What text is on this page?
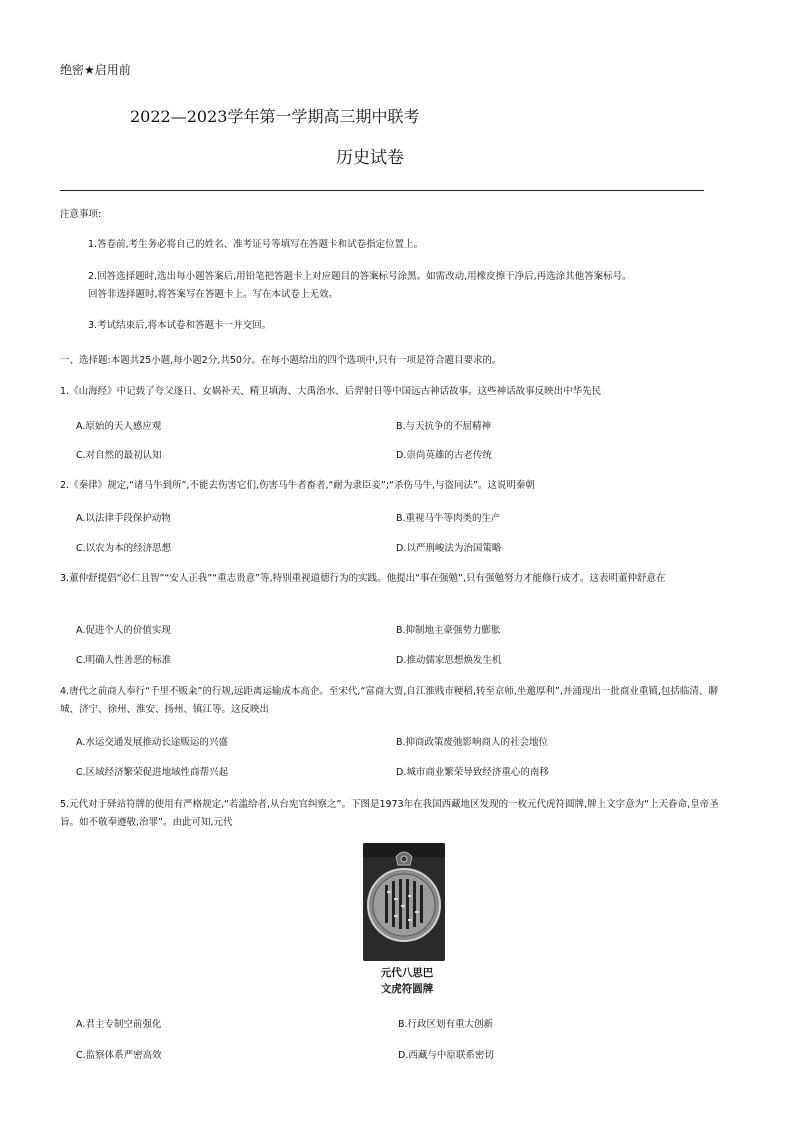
绝密★启用前
2022—2023学年第一学期高三期中联考
历史试卷
注意事项:
1.答卷前,考生务必将自己的姓名、准考证号等填写在答题卡和试卷指定位置上。
2.回答选择题时,选出每小题答案后,用铅笔把答题卡上对应题目的答案标号涂黑。如需改动,用橡皮擦干净后,再选涂其他答案标号。
回答非选择题时,将答案写在答题卡上。写在本试卷上无效。
3.考试结束后,将本试卷和答题卡一并交回。
一、选择题:本题共25小题,每小题2分,共50分。在每小题给出的四个选项中,只有一项是符合题目要求的。
1.《山海经》中记载了夸父逐日、女娲补天、精卫填海、大禹治水、后羿射日等中国远古神话故事。这些神话故事反映出中华先民
A.原始的天人感应观	B.与天抗争的不屈精神
C.对自然的最初认知	D.崇尚英雄的古老传统
2.《秦律》规定,“诸马牛到所”,不能去伤害它们,伤害马牛者畜者,“耐为隶臣妾”;“杀伤马牛,与盗同法”。这说明秦朝
A.以法律手段保护动物	B.重视马牛等肉类的生产
C.以农为本的经济思想	D.以严刑峻法为治国策略
3.董仲舒提倡“必仁且智”“安人正我”“重志贵意”等,特别重视道德行为的实践。他提出“事在强勉”,只有强勉努力才能修行成才。这表明董仲舒意在
A.促进个人的价值实现	B.抑制地主豪强势力膨胀
C.明确人性善恶的标准	D.推动儒家思想焕发生机
4.唐代之前商人奉行“千里不贩籴”的行规,远距离运输成本高企。至宋代,“富商大贾,自江淮贱市粳稻,转至京师,坐邀厚利”,并涌现出一批商业重镇,包括临清、聊城、济宁、徐州、淮安、扬州、镇江等。这反映出
A.水运交通发展推动长途贩运的兴盛	B.抑商政策废弛影响商人的社会地位
C.区域经济繁荣促进地域性商帮兴起	D.城市商业繁荣导致经济重心的南移
5.元代对于驿站符牌的使用有严格规定,“若滥给者,从台宪官纠察之”。下图是1973年在我国西藏地区发现的一枚元代虎符圆牌,牌上文字意为“上天眷命,皇帝圣旨。如不敬奉遵敬,治罪”。由此可知,元代
元代八思巴
文虎符圆牌
A.君主专制空前强化	B.行政区划有重大创新
C.监察体系严密高效	D.西藏与中原联系密切
